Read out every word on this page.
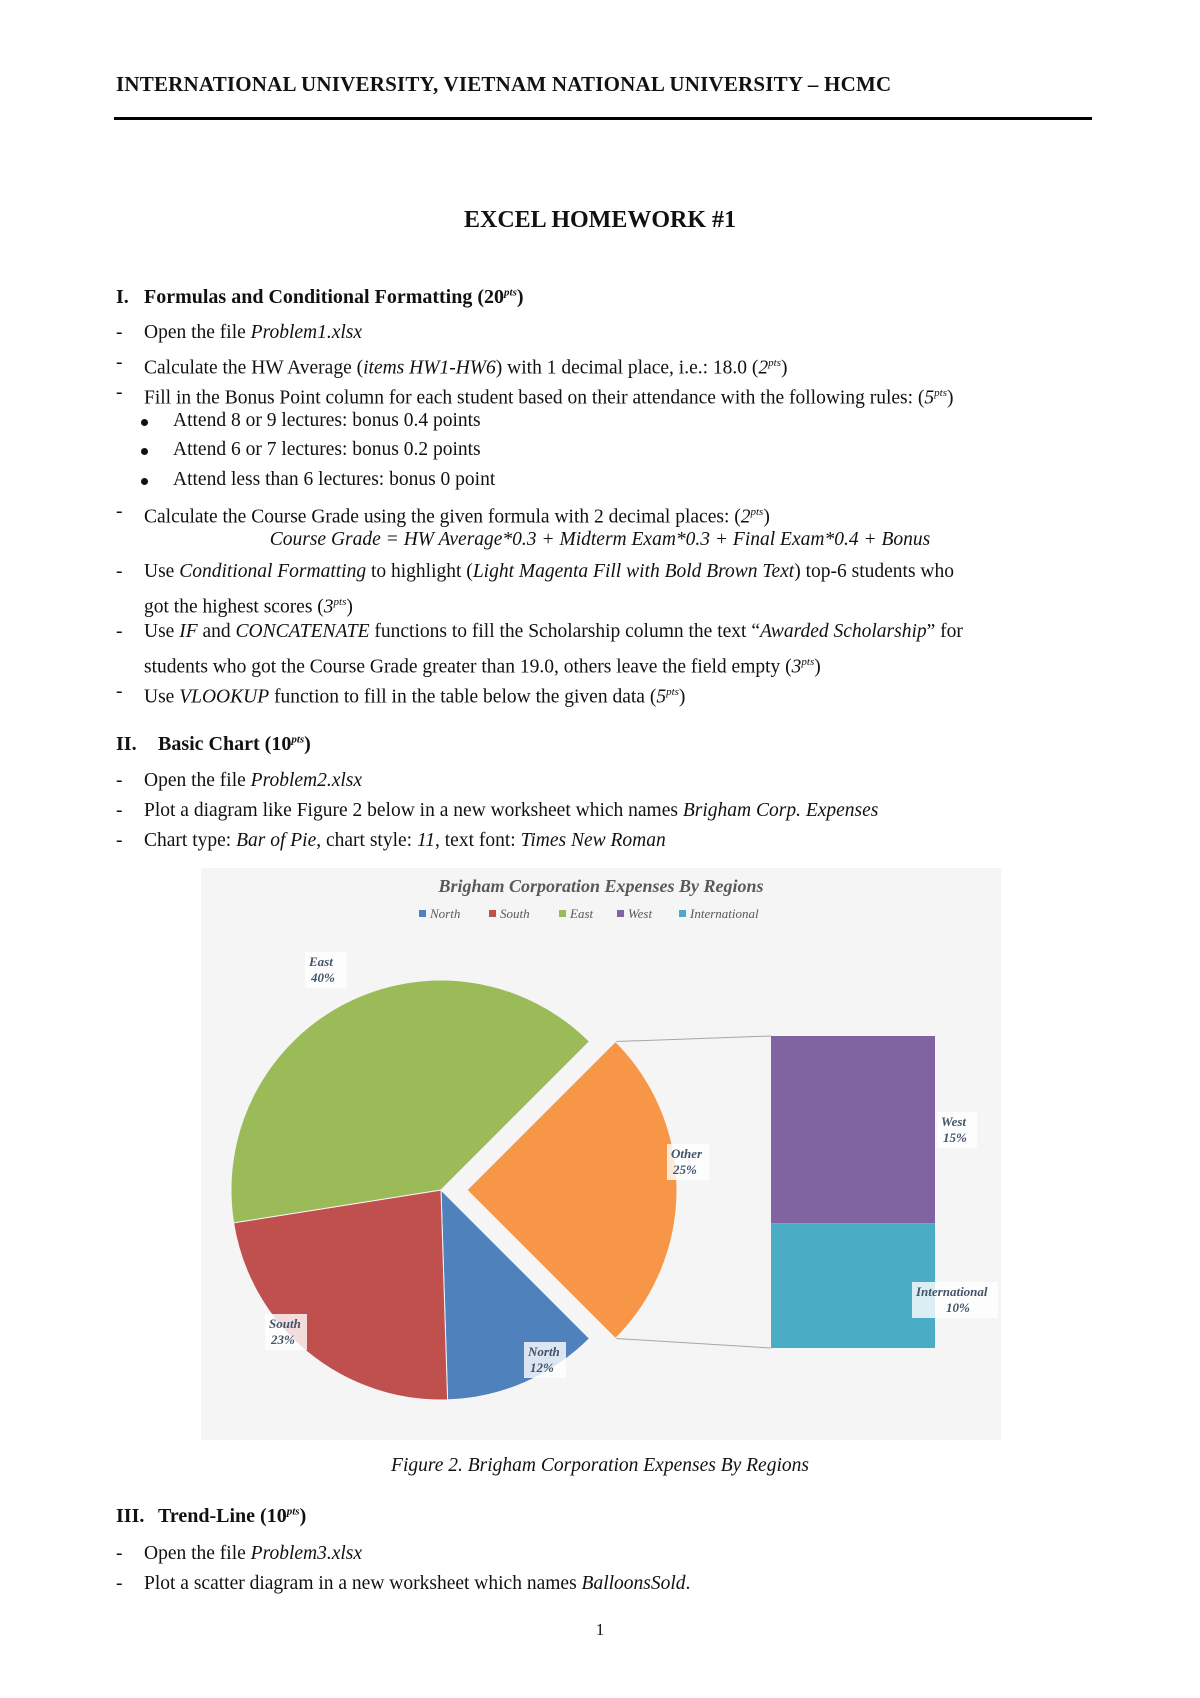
INTERNATIONAL UNIVERSITY, VIETNAM NATIONAL UNIVERSITY – HCMC
EXCEL HOMEWORK #1
I. Formulas and Conditional Formatting $(20^{pts})$
- Open the file Problem1.xlsx
- Calculate the HW Average (items HW1-HW6) with 1 decimal place, i.e.: 18.0 $(2^{pts})$
- Fill in the Bonus Point column for each student based on their attendance with the following rules: $(5^{pts})$
Attend 8 or 9 lectures: bonus 0.4 points
Attend 6 or 7 lectures: bonus 0.2 points
Attend less than 6 lectures: bonus 0 point
- Calculate the Course Grade using the given formula with 2 decimal places: $(2^{pts})$
Course Grade = HW Average*0.3 + Midterm Exam*0.3 + Final Exam*0.4 + Bonus
- Use Conditional Formatting to highlight (Light Magenta Fill with Bold Brown Text) top-6 students who
got the highest scores $(3^{pts})$
- Use IF and CONCATENATE functions to fill the Scholarship column the text “Awarded Scholarship” for
students who got the Course Grade greater than 19.0, others leave the field empty $(3^{pts})$
- Use VLOOKUP function to fill in the table below the given data $(5^{pts})$
II. Basic Chart $(10^{pts})$
- Open the file Problem2.xlsx
- Plot a diagram like Figure 2 below in a new worksheet which names Brigham Corp. Expenses
- Chart type: Bar of Pie, chart style: 11, text font: Times New Roman
Brigham Corporation Expenses By Regions
North	South	East	West	International
Other
25%
North
12%
South
23%
East
40%
West
15%
International
10%
Figure 2. Brigham Corporation Expenses By Regions
III. Trend-Line $(10^{pts})$
- Open the file Problem3.xlsx
- Plot a scatter diagram in a new worksheet which names BalloonsSold.
1
